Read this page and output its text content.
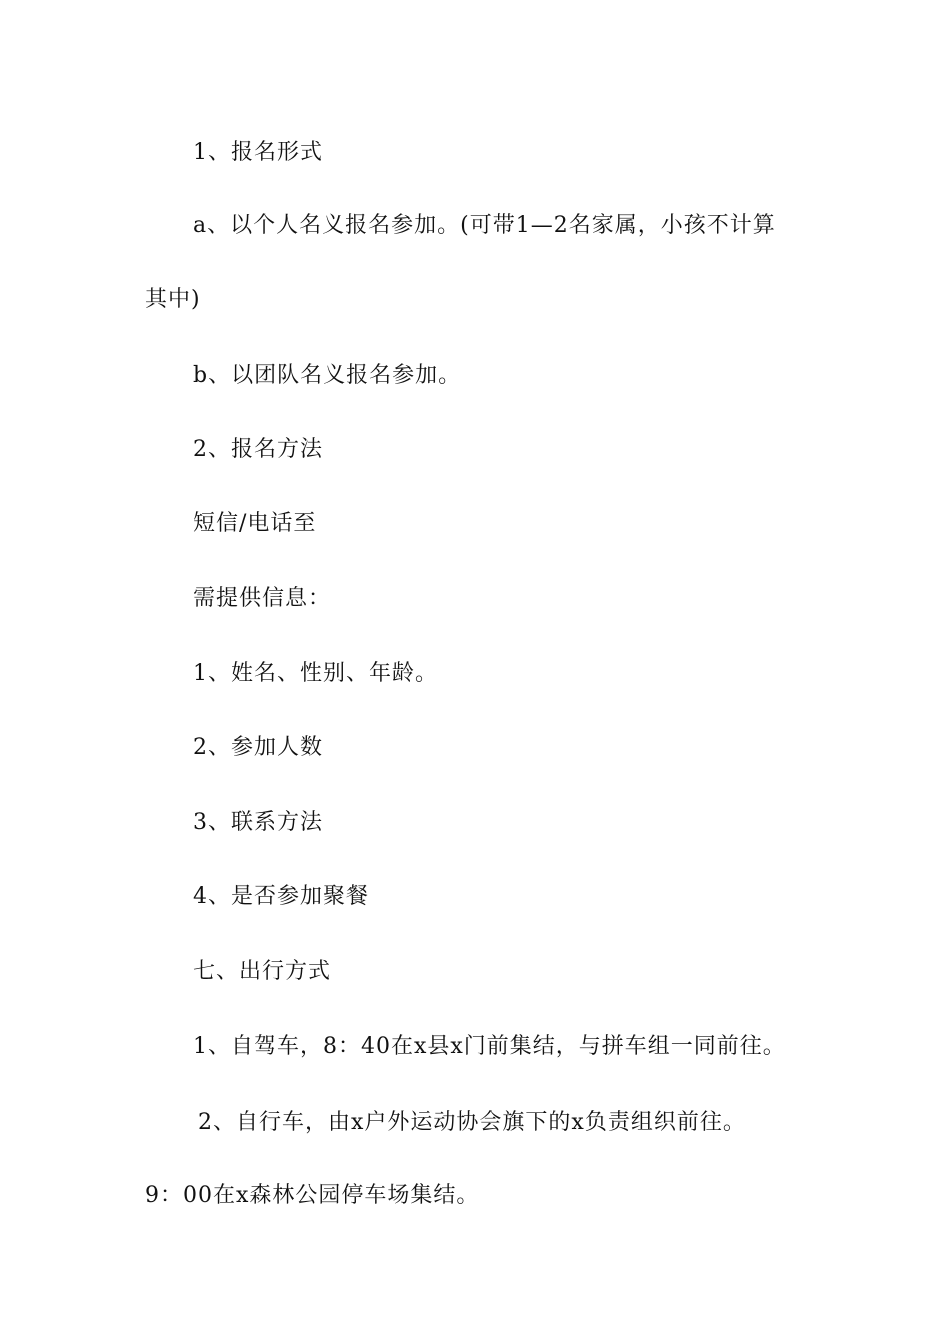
1、报名形式
a、以个人名义报名参加。(可带1—2名家属，小孩不计算
其中)
b、以团队名义报名参加。
2、报名方法
短信/电话至
需提供信息：
1、姓名、性别、年龄。
2、参加人数
3、联系方法
4、是否参加聚餐
七、出行方式
1、自驾车，8：40在x县x门前集结，与拼车组一同前往。
2、自行车，由x户外运动协会旗下的x负责组织前往。
9：00在x森林公园停车场集结。
